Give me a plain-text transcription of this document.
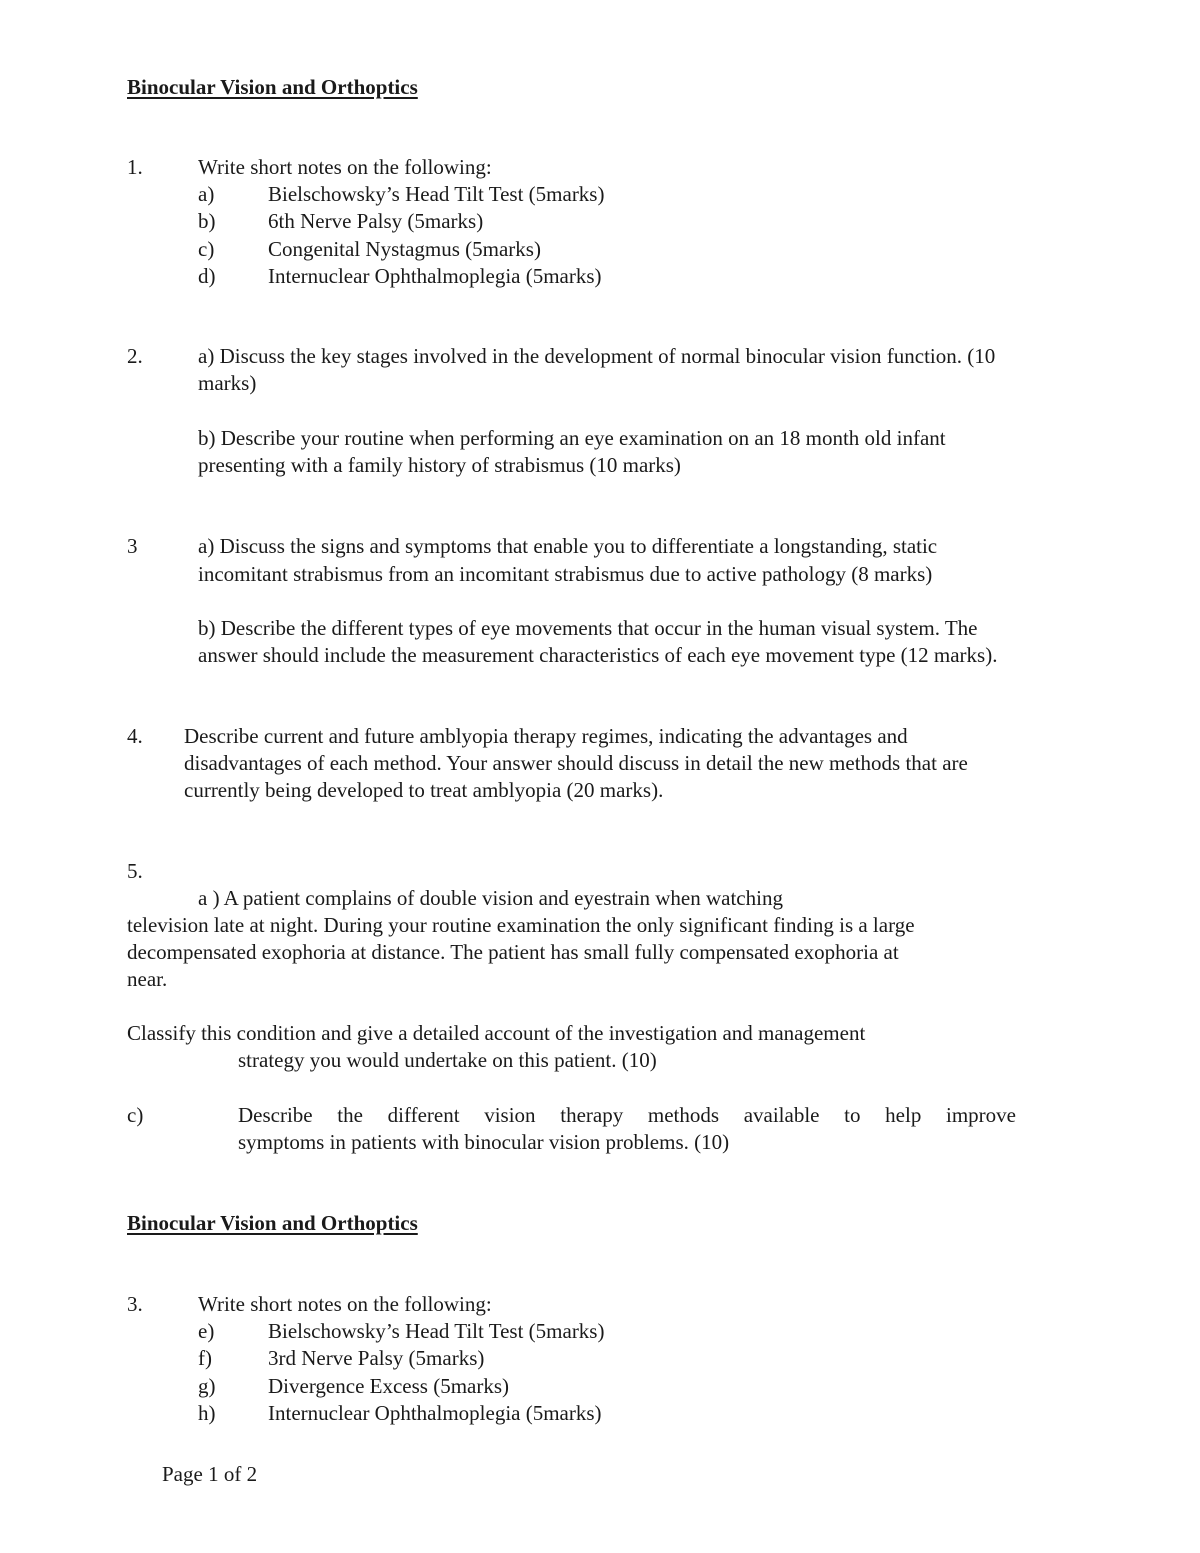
Binocular Vision and Orthoptics
1.	Write short notes on the following:
a)	Bielschowsky’s Head Tilt Test (5marks)
b)	6th Nerve Palsy (5marks)
c)	Congenital Nystagmus (5marks)
d)	Internuclear Ophthalmoplegia (5marks)
2.	a) Discuss the key stages involved in the development of normal binocular vision function. (10
marks)
b) Describe your routine when performing an eye examination on an 18 month old infant
presenting with a family history of strabismus (10 marks)
3	a) Discuss the signs and symptoms that enable you to differentiate a longstanding, static
incomitant strabismus from an incomitant strabismus due to active pathology (8 marks)
b) Describe the different types of eye movements that occur in the human visual system. The
answer should include the measurement characteristics of each eye movement type (12 marks).
4. Describe current and future amblyopia therapy regimes, indicating the advantages and
disadvantages of each method. Your answer should discuss in detail the new methods that are
currently being developed to treat amblyopia (20 marks).
5.
a ) A patient complains of double vision and eyestrain when watching
television late at night. During your routine examination the only significant finding is a large
decompensated exophoria at distance. The patient has small fully compensated exophoria at
near.
Classify this condition and give a detailed account of the investigation and management
strategy you would undertake on this patient. (10)
c)	Describe the different vision therapy methods available to help improve
symptoms in patients with binocular vision problems. (10)
Binocular Vision and Orthoptics
3.	Write short notes on the following:
e)	Bielschowsky’s Head Tilt Test (5marks)
f)	3rd Nerve Palsy (5marks)
g)	Divergence Excess (5marks)
h)	Internuclear Ophthalmoplegia (5marks)
Page 1 of 2
